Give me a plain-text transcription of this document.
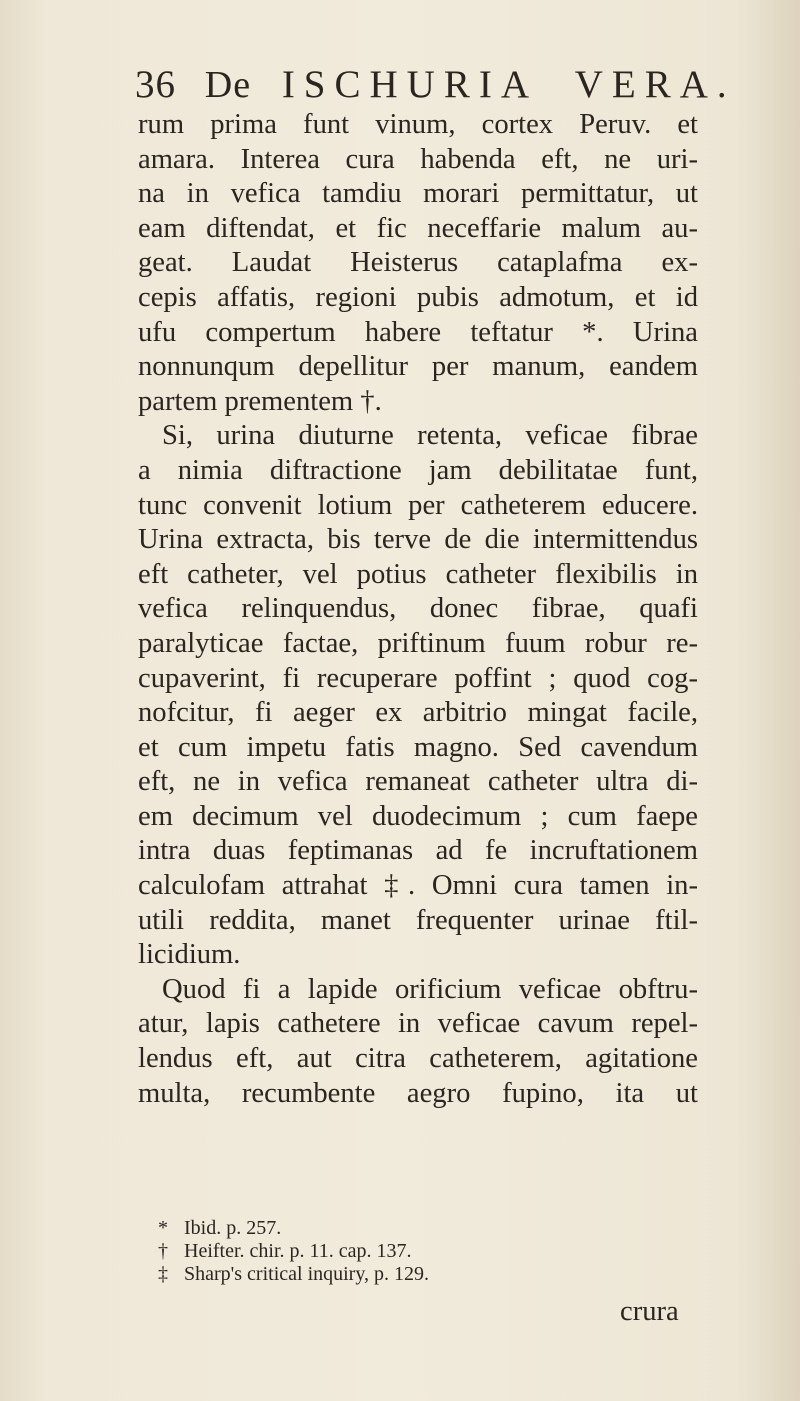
36 De ISCHURIA VERA.
rum prima funt vinum, cortex Peruv. et
amara. Interea cura habenda eft, ne uri-
na in vefica tamdiu morari permittatur, ut
eam diftendat, et fic neceffarie malum au-
geat. Laudat Heisterus cataplafma ex-
cepis affatis, regioni pubis admotum, et id
ufu compertum habere teftatur *. Urina
nonnunqum depellitur per manum, eandem
partem prementem †.
Si, urina diuturne retenta, veficae fibrae
a nimia diftractione jam debilitatae funt,
tunc convenit lotium per catheterem educere.
Urina extracta, bis terve de die intermittendus
eft catheter, vel potius catheter flexibilis in
vefica relinquendus, donec fibrae, quafi
paralyticae factae, priftinum fuum robur re-
cupaverint, fi recuperare poffint ; quod cog-
nofcitur, fi aeger ex arbitrio mingat facile,
et cum impetu fatis magno. Sed cavendum
eft, ne in vefica remaneat catheter ultra di-
em decimum vel duodecimum ; cum faepe
intra duas feptimanas ad fe incruftationem
calculofam attrahat ‡. Omni cura tamen in-
utili reddita, manet frequenter urinae ftil-
licidium.
Quod fi a lapide orificium veficae obftru-
atur, lapis cathetere in veficae cavum repel-
lendus eft, aut citra catheterem, agitatione
multa, recumbente aegro fupino, ita ut
* Ibid. p. 257.
† Heifter. chir. p. 11. cap. 137.
‡ Sharp's critical inquiry, p. 129.
crura
